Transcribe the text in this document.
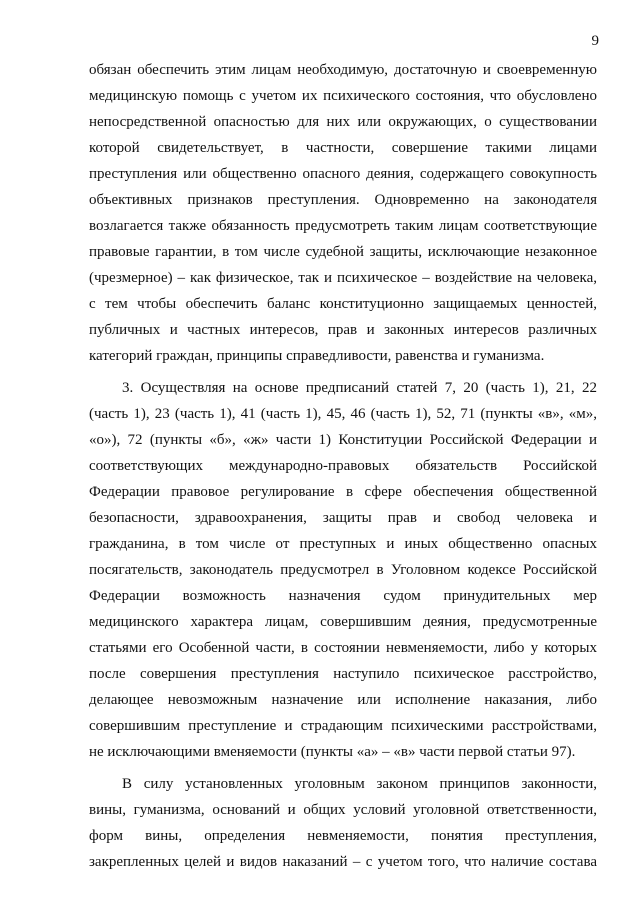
9
обязан обеспечить этим лицам необходимую, достаточную и своевременную
медицинскую помощь с учетом их психического состояния, что обусловлено
непосредственной опасностью для них или окружающих, о существовании
которой свидетельствует, в частности, совершение такими лицами
преступления или общественно опасного деяния, содержащего совокупность
объективных признаков преступления. Одновременно на законодателя
возлагается также обязанность предусмотреть таким лицам соответствующие
правовые гарантии, в том числе судебной защиты, исключающие незаконное
(чрезмерное) – как физическое, так и психическое – воздействие на человека,
с тем чтобы обеспечить баланс конституционно защищаемых ценностей,
публичных и частных интересов, прав и законных интересов различных
категорий граждан, принципы справедливости, равенства и гуманизма.
3. Осуществляя на основе предписаний статей 7, 20 (часть 1), 21, 22
(часть 1), 23 (часть 1), 41 (часть 1), 45, 46 (часть 1), 52, 71 (пункты «в», «м»,
«о»), 72 (пункты «б», «ж» части 1) Конституции Российской Федерации и
соответствующих международно-правовых обязательств Российской
Федерации правовое регулирование в сфере обеспечения общественной
безопасности, здравоохранения, защиты прав и свобод человека и
гражданина, в том числе от преступных и иных общественно опасных
посягательств, законодатель предусмотрел в Уголовном кодексе Российской
Федерации возможность назначения судом принудительных мер
медицинского характера лицам, совершившим деяния, предусмотренные
статьями его Особенной части, в состоянии невменяемости, либо у которых
после совершения преступления наступило психическое расстройство,
делающее невозможным назначение или исполнение наказания, либо
совершившим преступление и страдающим психическими расстройствами,
не исключающими вменяемости (пункты «а» – «в» части первой статьи 97).
В силу установленных уголовным законом принципов законности,
вины, гуманизма, оснований и общих условий уголовной ответственности,
форм вины, определения невменяемости, понятия преступления,
закрепленных целей и видов наказаний – с учетом того, что наличие состава
